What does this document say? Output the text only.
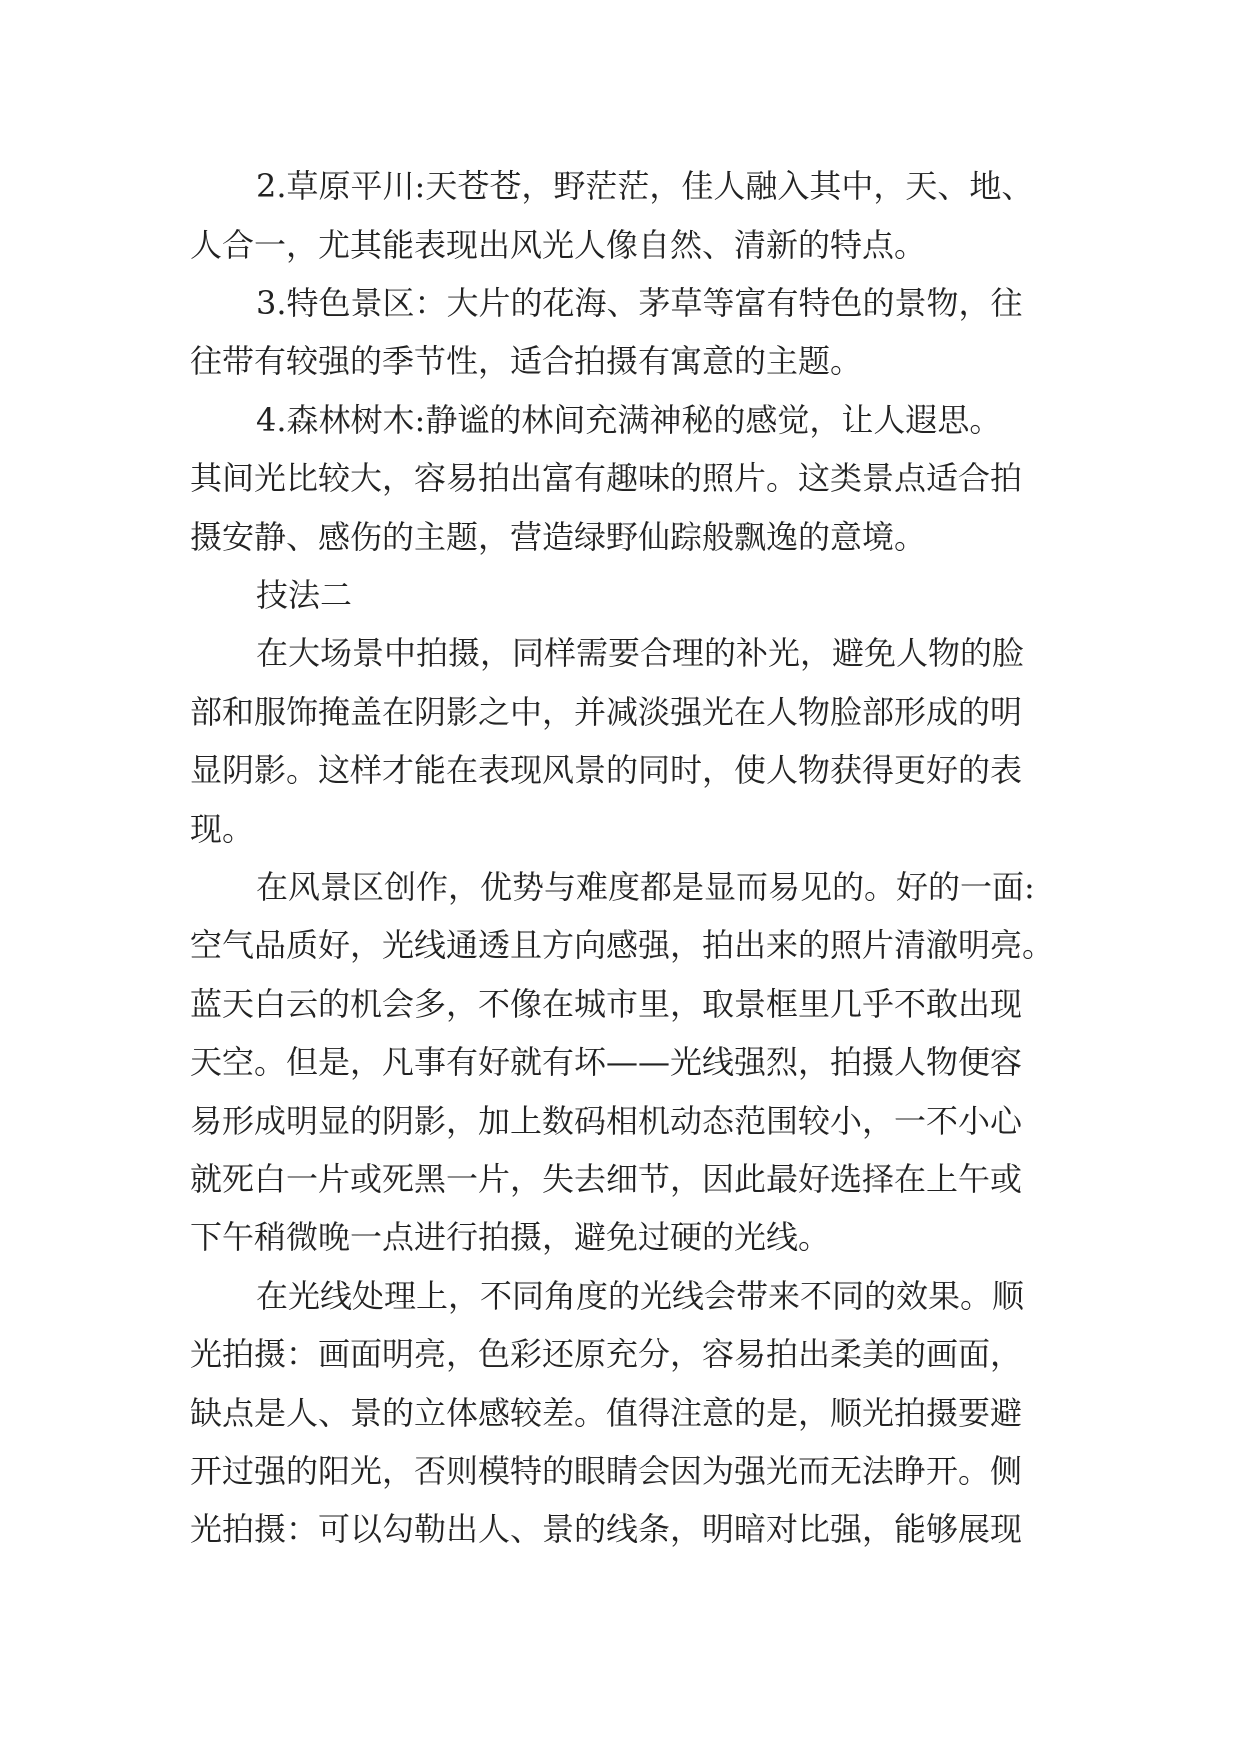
2.草原平川:天苍苍，野茫茫，佳人融入其中，天、地、

人合一，尤其能表现出风光人像自然、清新的特点。

3.特色景区：大片的花海、茅草等富有特色的景物，往

往带有较强的季节性，适合拍摄有寓意的主题。

4.森林树木:静谧的林间充满神秘的感觉，让人遐思。

其间光比较大，容易拍出富有趣味的照片。这类景点适合拍

摄安静、感伤的主题，营造绿野仙踪般飘逸的意境。

技法二

在大场景中拍摄，同样需要合理的补光，避免人物的脸

部和服饰掩盖在阴影之中，并减淡强光在人物脸部形成的明

显阴影。这样才能在表现风景的同时，使人物获得更好的表

现。

在风景区创作，优势与难度都是显而易见的。好的一面:

空气品质好，光线通透且方向感强，拍出来的照片清澈明亮。

蓝天白云的机会多，不像在城市里，取景框里几乎不敢出现

天空。但是，凡事有好就有坏——光线强烈，拍摄人物便容

易形成明显的阴影，加上数码相机动态范围较小，一不小心

就死白一片或死黑一片，失去细节，因此最好选择在上午或

下午稍微晚一点进行拍摄，避免过硬的光线。

在光线处理上，不同角度的光线会带来不同的效果。顺

光拍摄：画面明亮，色彩还原充分，容易拍出柔美的画面，

缺点是人、景的立体感较差。值得注意的是，顺光拍摄要避

开过强的阳光，否则模特的眼睛会因为强光而无法睁开。侧

光拍摄：可以勾勒出人、景的线条，明暗对比强，能够展现
